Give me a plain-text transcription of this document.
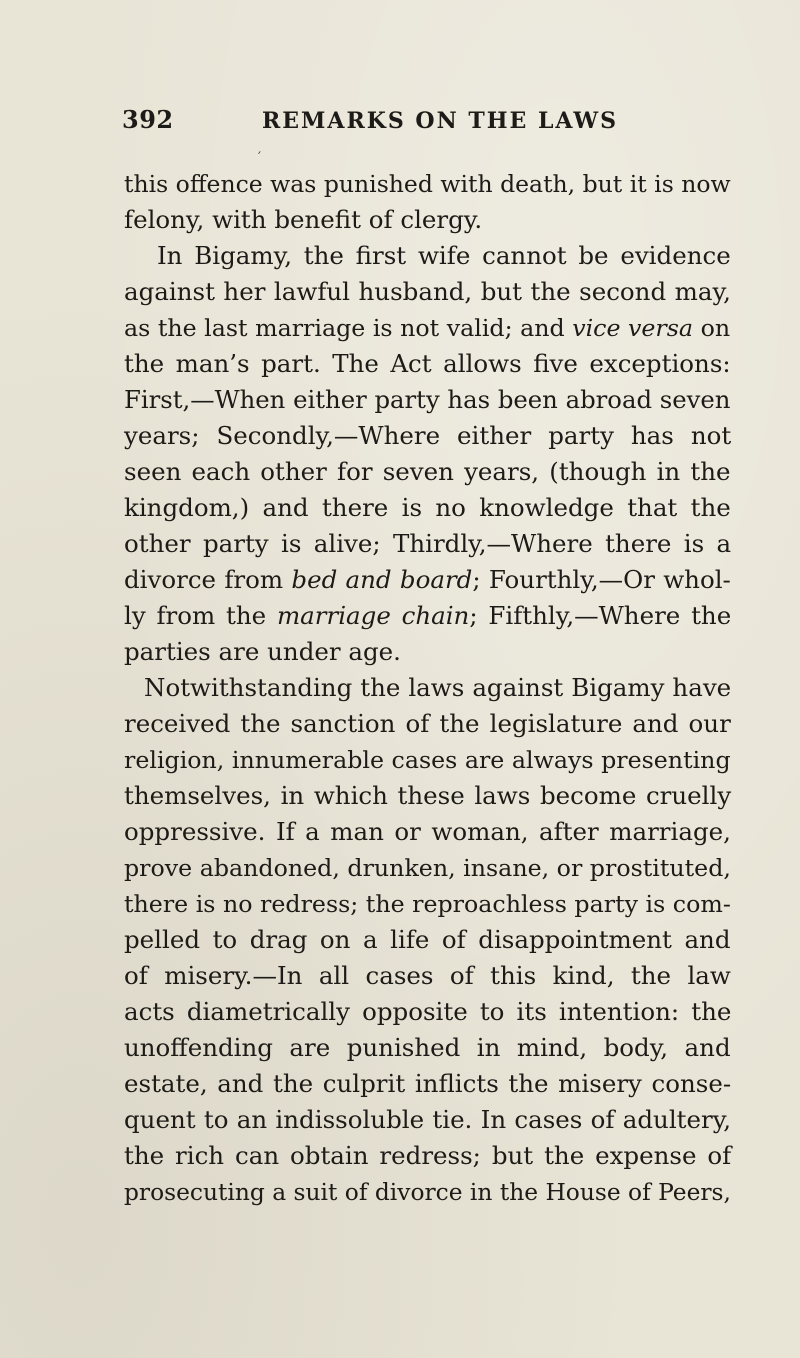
392	REMARKS ON THE LAWS
′
this offence was punished with death, but it is now
felony, with benefit of clergy.
In Bigamy, the first wife cannot be evidence
against her lawful husband, but the second may,
as the last marriage is not valid; and vice versa on
the man’s part. The Act allows five exceptions:
First,—When either party has been abroad seven
years; Secondly,—Where either party has not
seen each other for seven years, (though in the
kingdom,) and there is no knowledge that the
other party is alive; Thirdly,—Where there is a
divorce from bed and board; Fourthly,—Or whol-
ly from the marriage chain; Fifthly,—Where the
parties are under age.
Notwithstanding the laws against Bigamy have
received the sanction of the legislature and our
religion, innumerable cases are always presenting
themselves, in which these laws become cruelly
oppressive. If a man or woman, after marriage,
prove abandoned, drunken, insane, or prostituted,
there is no redress; the reproachless party is com-
pelled to drag on a life of disappointment and
of misery.—In all cases of this kind, the law
acts diametrically opposite to its intention: the
unoffending are punished in mind, body, and
estate, and the culprit inflicts the misery conse-
quent to an indissoluble tie. In cases of adultery,
the rich can obtain redress; but the expense of
prosecuting a suit of divorce in the House of Peers,
